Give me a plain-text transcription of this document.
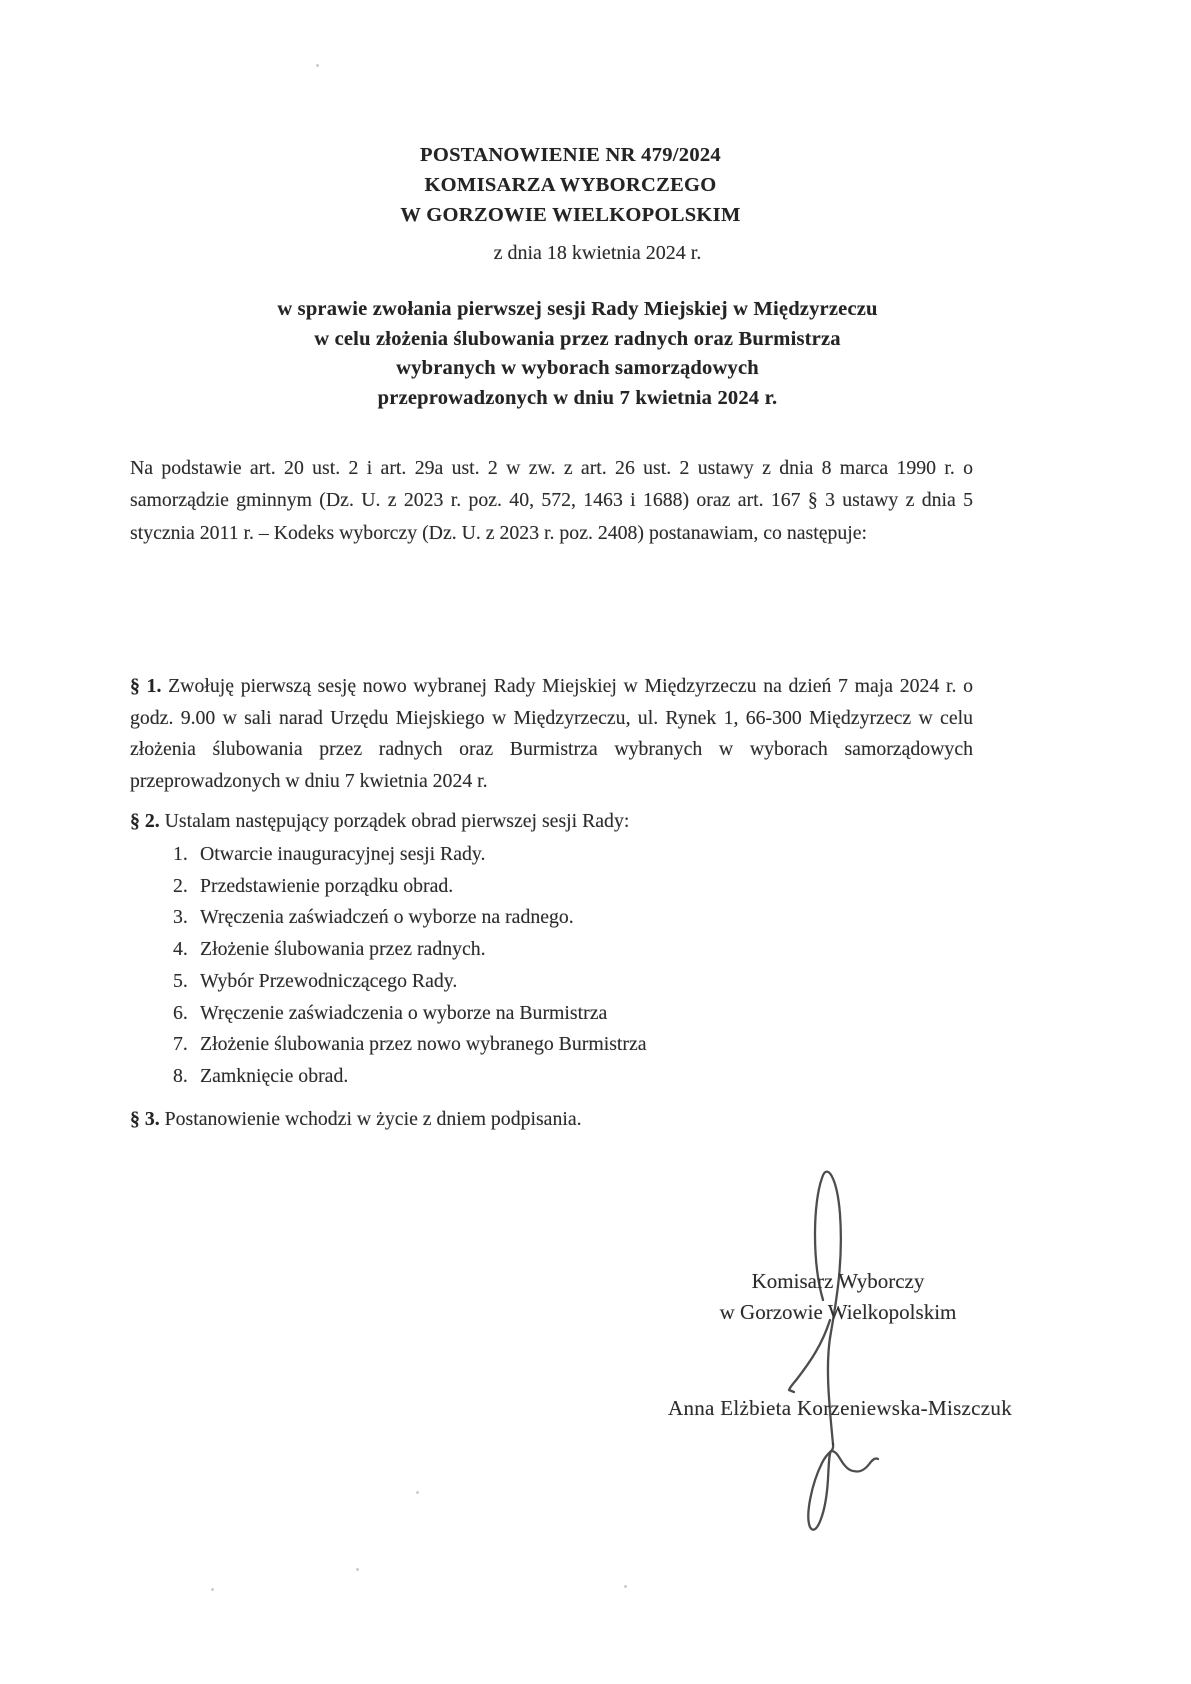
POSTANOWIENIE NR 479/2024
KOMISARZA WYBORCZEGO
W GORZOWIE WIELKOPOLSKIM
z dnia 18 kwietnia 2024 r.
w sprawie zwołania pierwszej sesji Rady Miejskiej w Międzyrzeczu
w celu złożenia ślubowania przez radnych oraz Burmistrza
wybranych w wyborach samorządowych
przeprowadzonych w dniu 7 kwietnia 2024 r.
Na podstawie art. 20 ust. 2 i art. 29a ust. 2 w zw. z art. 26 ust. 2 ustawy z dnia 8 marca 1990 r. o samorządzie gminnym (Dz. U. z 2023 r. poz. 40, 572, 1463 i 1688) oraz art. 167 § 3 ustawy z dnia 5 stycznia 2011 r. – Kodeks wyborczy (Dz. U. z 2023 r. poz. 2408) postanawiam, co następuje:
§ 1. Zwołuję pierwszą sesję nowo wybranej Rady Miejskiej w Międzyrzeczu na dzień 7 maja 2024 r. o godz. 9.00 w sali narad Urzędu Miejskiego w Międzyrzeczu, ul. Rynek 1, 66-300 Międzyrzecz w celu złożenia ślubowania przez radnych oraz Burmistrza wybranych w wyborach samorządowych przeprowadzonych w dniu 7 kwietnia 2024 r.
§ 2. Ustalam następujący porządek obrad pierwszej sesji Rady:
1. Otwarcie inauguracyjnej sesji Rady.
2. Przedstawienie porządku obrad.
3. Wręczenia zaświadczeń o wyborze na radnego.
4. Złożenie ślubowania przez radnych.
5. Wybór Przewodniczącego Rady.
6. Wręczenie zaświadczenia o wyborze na Burmistrza
7. Złożenie ślubowania przez nowo wybranego Burmistrza
8. Zamknięcie obrad.
§ 3. Postanowienie wchodzi w życie z dniem podpisania.
Komisarz Wyborczy
w Gorzowie Wielkopolskim
Anna Elżbieta Korzeniewska-Miszczuk
